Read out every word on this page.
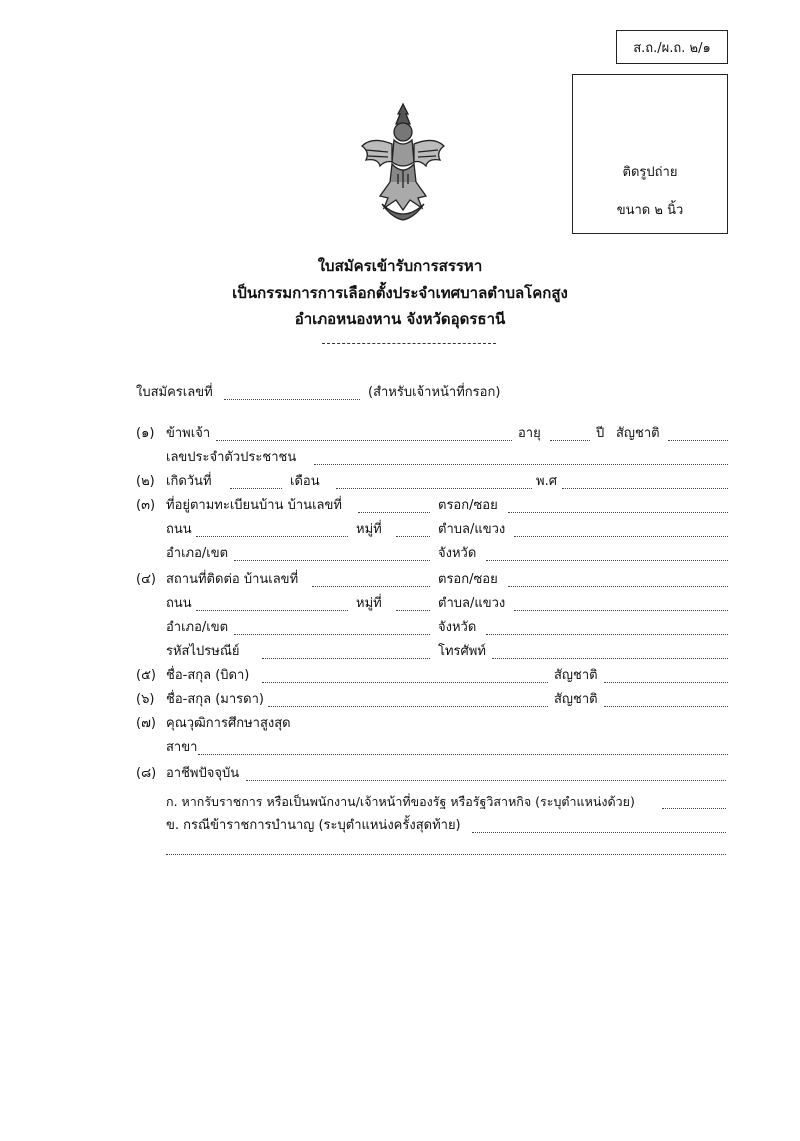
ส.ถ./ผ.ถ. ๒/๑
ติดรูปถ่าย
ขนาด ๒ นิ้ว
ใบสมัครเข้ารับการสรรหา
เป็นกรรมการการเลือกตั้งประจำเทศบาลตำบลโคกสูง
อำเภอหนองหาน จังหวัดอุดรธานี
ใบสมัครเลขที่	(สำหรับเจ้าหน้าที่กรอก)
(๑) ข้าพเจ้า	อายุ	ปี สัญชาติ
เลขประจำตัวประชาชน
(๒) เกิดวันที่	เดือน	พ.ศ
(๓) ที่อยู่ตามทะเบียนบ้าน บ้านเลขที่	ตรอก/ซอย
ถนน	หมู่ที่	ตำบล/แขวง
อำเภอ/เขต	จังหวัด
(๔) สถานที่ติดต่อ บ้านเลขที่	ตรอก/ซอย
ถนน	หมู่ที่	ตำบล/แขวง
อำเภอ/เขต	จังหวัด
รหัสไปรษณีย์	โทรศัพท์
(๕) ชื่อ-สกุล (บิดา)	สัญชาติ
(๖) ชื่อ-สกุล (มารดา)	สัญชาติ
(๗) คุณวุฒิการศึกษาสูงสุด
สาขา
(๘) อาชีพปัจจุบัน
ก. หากรับราชการ หรือเป็นพนักงาน/เจ้าหน้าที่ของรัฐ หรือรัฐวิสาหกิจ (ระบุตำแหน่งด้วย)
ข. กรณีข้าราชการบำนาญ (ระบุตำแหน่งครั้งสุดท้าย)
